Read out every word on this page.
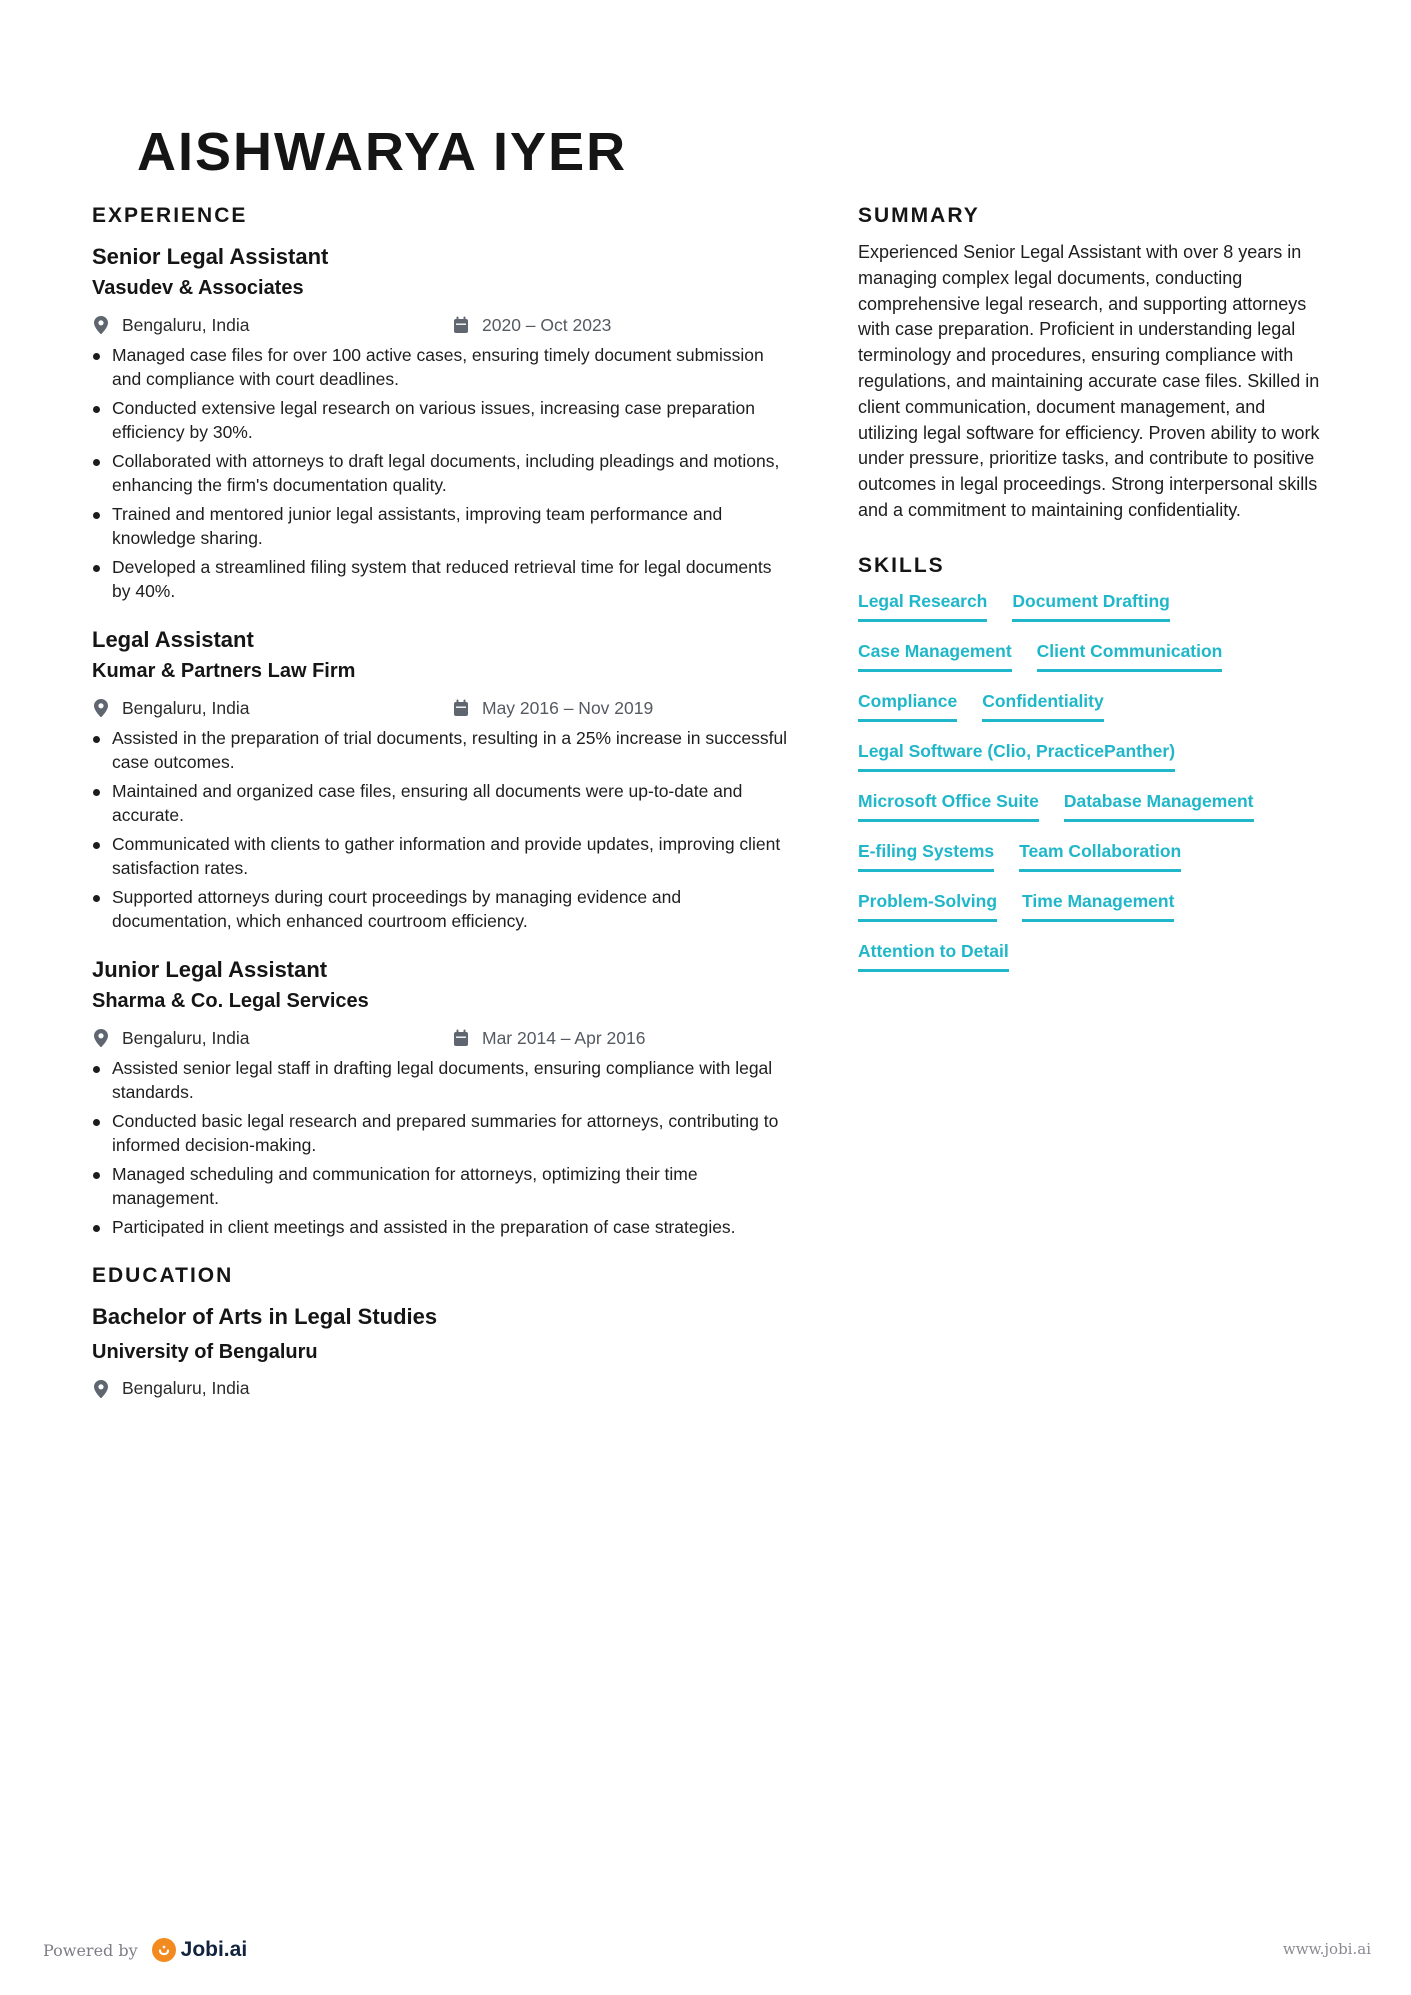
AISHWARYA IYER
EXPERIENCE
Senior Legal Assistant
Vasudev & Associates
Bengaluru, India	2020 – Oct 2023
Managed case files for over 100 active cases, ensuring timely document submission and compliance with court deadlines.
Conducted extensive legal research on various issues, increasing case preparation efficiency by 30%.
Collaborated with attorneys to draft legal documents, including pleadings and motions, enhancing the firm's documentation quality.
Trained and mentored junior legal assistants, improving team performance and knowledge sharing.
Developed a streamlined filing system that reduced retrieval time for legal documents by 40%.
Legal Assistant
Kumar & Partners Law Firm
Bengaluru, India	May 2016 – Nov 2019
Assisted in the preparation of trial documents, resulting in a 25% increase in successful case outcomes.
Maintained and organized case files, ensuring all documents were up-to-date and accurate.
Communicated with clients to gather information and provide updates, improving client satisfaction rates.
Supported attorneys during court proceedings by managing evidence and documentation, which enhanced courtroom efficiency.
Junior Legal Assistant
Sharma & Co. Legal Services
Bengaluru, India	Mar 2014 – Apr 2016
Assisted senior legal staff in drafting legal documents, ensuring compliance with legal standards.
Conducted basic legal research and prepared summaries for attorneys, contributing to informed decision-making.
Managed scheduling and communication for attorneys, optimizing their time management.
Participated in client meetings and assisted in the preparation of case strategies.
EDUCATION
Bachelor of Arts in Legal Studies
University of Bengaluru
Bengaluru, India
SUMMARY

Experienced Senior Legal Assistant with over 8 years in managing complex legal documents, conducting comprehensive legal research, and supporting attorneys with case preparation. Proficient in understanding legal terminology and procedures, ensuring compliance with regulations, and maintaining accurate case files. Skilled in client communication, document management, and utilizing legal software for efficiency. Proven ability to work under pressure, prioritize tasks, and contribute to positive outcomes in legal proceedings. Strong interpersonal skills and a commitment to maintaining confidentiality.

SKILLS
Legal Research Document Drafting
Case Management Client Communication
Compliance Confidentiality
Legal Software (Clio, PracticePanther)
Microsoft Office Suite Database Management
E-filing Systems Team Collaboration
Problem-Solving Time Management
Attention to Detail
Powered by Jobi.ai	www.jobi.ai
